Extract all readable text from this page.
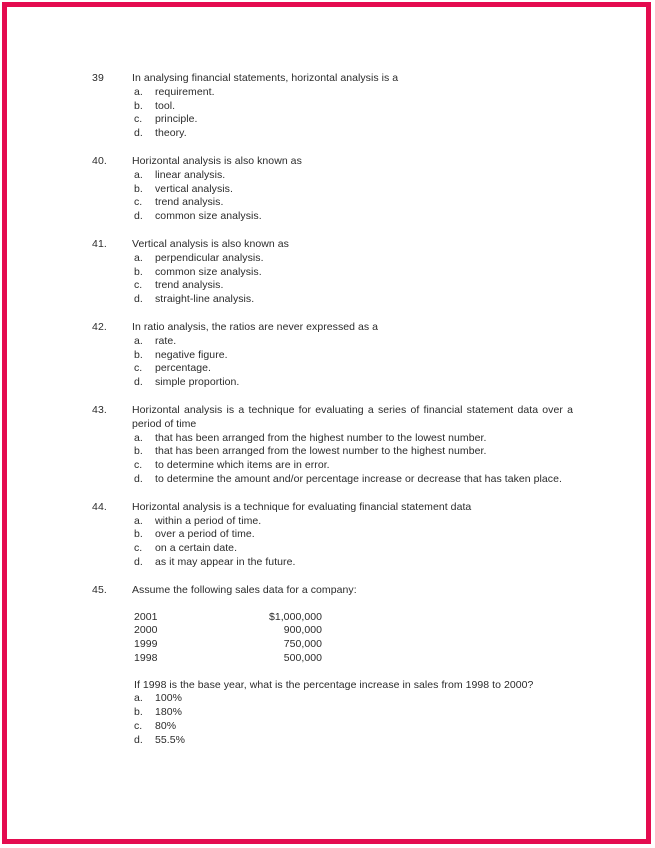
39	In analysing financial statements, horizontal analysis is a
a.	requirement.
b.	tool.
c.	principle.
d.	theory.
40.	Horizontal analysis is also known as
a.	linear analysis.
b.	vertical analysis.
c.	trend analysis.
d.	common size analysis.
41.	Vertical analysis is also known as
a.	perpendicular analysis.
b.	common size analysis.
c.	trend analysis.
d.	straight-line analysis.
42.	In ratio analysis, the ratios are never expressed as a
a.	rate.
b.	negative figure.
c.	percentage.
d.	simple proportion.
43.	Horizontal analysis is a technique for evaluating a series of financial statement data over a period of time
a.	that has been arranged from the highest number to the lowest number.
b.	that has been arranged from the lowest number to the highest number.
c.	to determine which items are in error.
d.	to determine the amount and/or percentage increase or decrease that has taken place.
44.	Horizontal analysis is a technique for evaluating financial statement data
a.	within a period of time.
b.	over a period of time.
c.	on a certain date.
d.	as it may appear in the future.
45.	Assume the following sales data for a company:
2001	$1,000,000
2000	900,000
1999	750,000
1998	500,000
If 1998 is the base year, what is the percentage increase in sales from 1998 to 2000?
a.	100%
b.	180%
c.	80%
d.	55.5%
